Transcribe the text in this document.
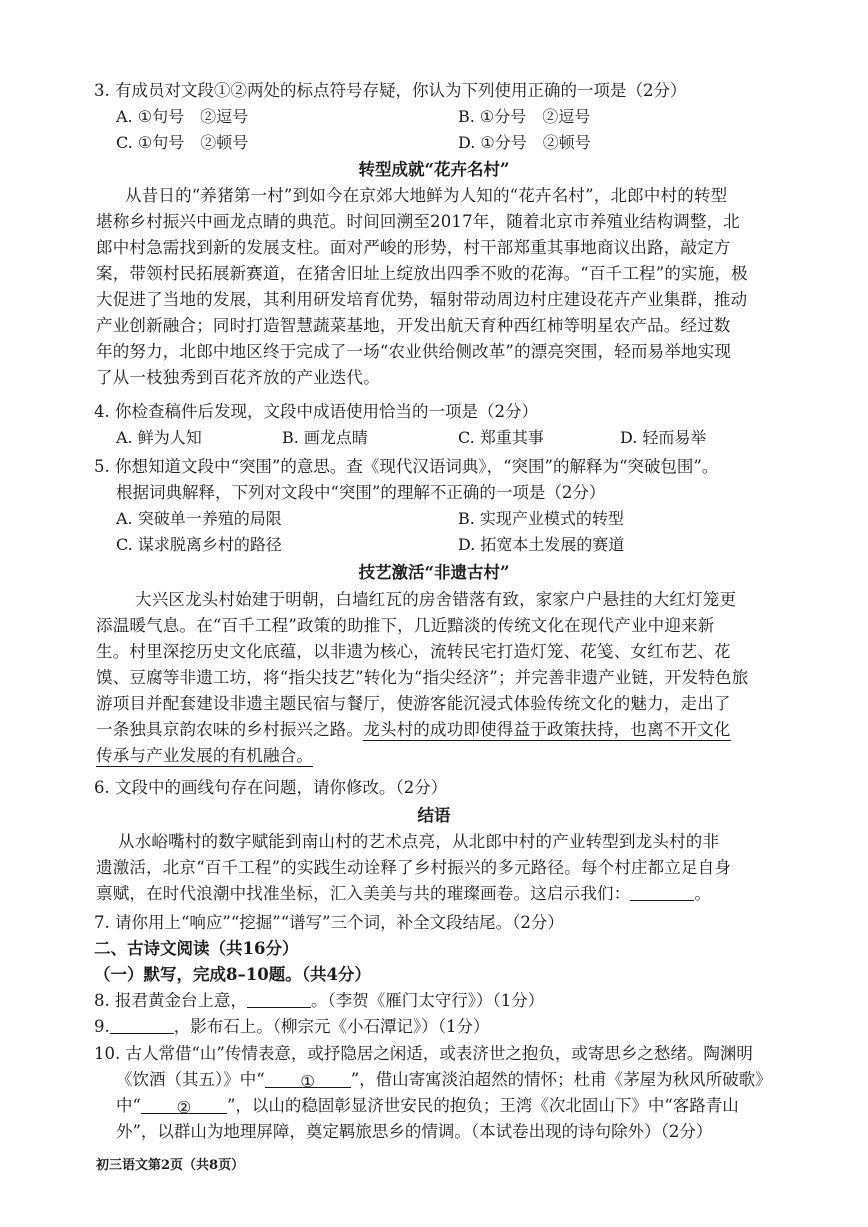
3. 有成员对文段①②两处的标点符号存疑，你认为下列使用正确的一项是（2分）
A. ①句号　②逗号	B. ①分号　②逗号
C. ①句号　②顿号	D. ①分号　②顿号
转型成就“花卉名村”
从昔日的“养猪第一村”到如今在京郊大地鲜为人知的“花卉名村”，北郎中村的转型
堪称乡村振兴中画龙点睛的典范。时间回溯至2017年，随着北京市养殖业结构调整，北
郎中村急需找到新的发展支柱。面对严峻的形势，村干部郑重其事地商议出路，敲定方
案，带领村民拓展新赛道，在猪舍旧址上绽放出四季不败的花海。“百千工程”的实施，极
大促进了当地的发展，其利用研发培育优势，辐射带动周边村庄建设花卉产业集群，推动
产业创新融合；同时打造智慧蔬菜基地，开发出航天育种西红柿等明星农产品。经过数
年的努力，北郎中地区终于完成了一场“农业供给侧改革”的漂亮突围，轻而易举地实现
了从一枝独秀到百花齐放的产业迭代。
4. 你检查稿件后发现，文段中成语使用恰当的一项是（2分）
A. 鲜为人知	B. 画龙点睛	C. 郑重其事	D. 轻而易举
5. 你想知道文段中“突围”的意思。查《现代汉语词典》，“突围”的解释为“突破包围”。
根据词典解释，下列对文段中“突围”的理解不正确的一项是（2分）
A. 突破单一养殖的局限	B. 实现产业模式的转型
C. 谋求脱离乡村的路径	D. 拓宽本土发展的赛道
技艺激活“非遗古村”
大兴区龙头村始建于明朝，白墙红瓦的房舍错落有致，家家户户悬挂的大红灯笼更
添温暖气息。在“百千工程”政策的助推下，几近黯淡的传统文化在现代产业中迎来新
生。村里深挖历史文化底蕴，以非遗为核心，流转民宅打造灯笼、花笺、女红布艺、花
馍、豆腐等非遗工坊，将“指尖技艺”转化为“指尖经济”；并完善非遗产业链，开发特色旅
游项目并配套建设非遗主题民宿与餐厅，使游客能沉浸式体验传统文化的魅力，走出了
一条独具京韵农味的乡村振兴之路。龙头村的成功即使得益于政策扶持，也离不开文化
传承与产业发展的有机融合。
6. 文段中的画线句存在问题，请你修改。（2分）
结语
从水峪嘴村的数字赋能到南山村的艺术点亮，从北郎中村的产业转型到龙头村的非
遗激活，北京“百千工程”的实践生动诠释了乡村振兴的多元路径。每个村庄都立足自身
禀赋，在时代浪潮中找准坐标，汇入美美与共的璀璨画卷。这启示我们：	。
7. 请你用上“响应”“挖掘”“谱写”三个词，补全文段结尾。（2分）
二、古诗文阅读（共16分）
（一）默写，完成8–10题。（共4分）
8. 报君黄金台上意，	。（李贺《雁门太守行》）（1分）
9.	，影布石上。（柳宗元《小石潭记》）（1分）
10. 古人常借“山”传情表意，或抒隐居之闲适，或表济世之抱负，或寄思乡之愁绪。陶渊明
《饮酒（其五）》中“ ① ”，借山寄寓淡泊超然的情怀；杜甫《茅屋为秋风所破歌》
中“ ② ”，以山的稳固彰显济世安民的抱负；王湾《次北固山下》中“客路青山
外”，以群山为地理屏障，奠定羁旅思乡的情调。（本试卷出现的诗句除外）（2分）
初三语文第2页（共8页）
